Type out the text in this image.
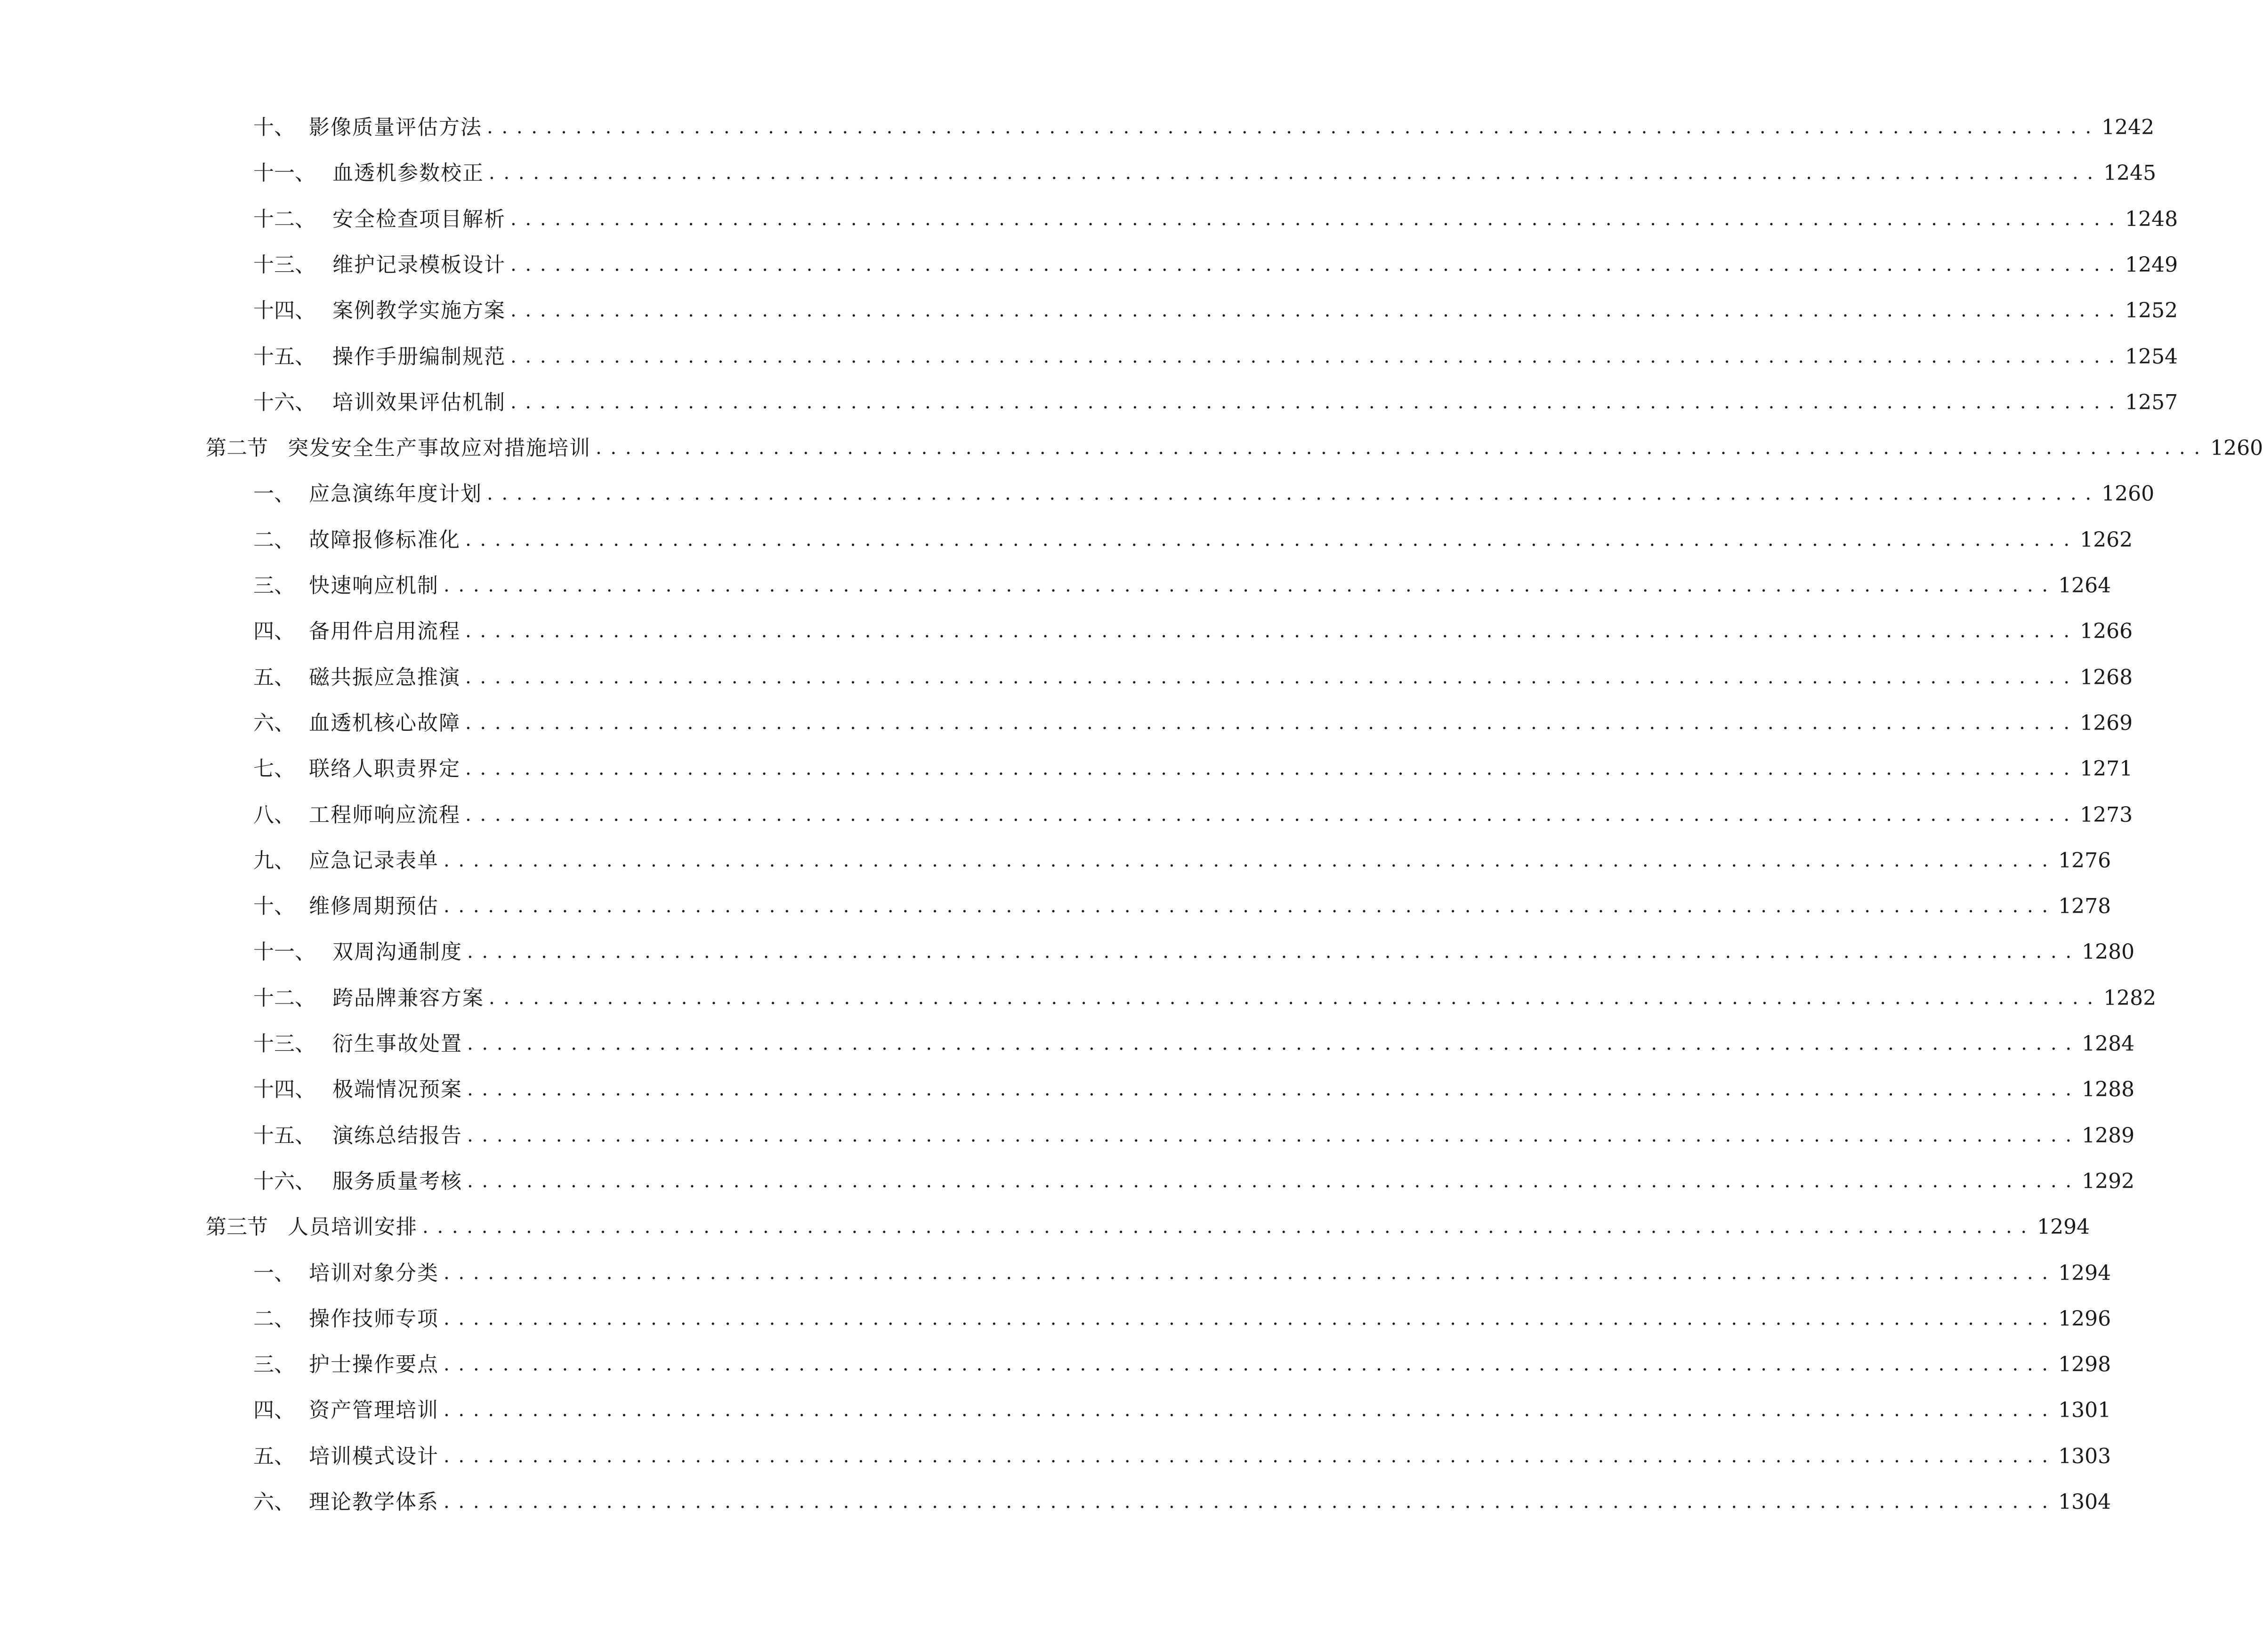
十、 影像质量评估方法 . . .	1242
十一、 血透机参数校正 . . .	1245
十二、 安全检查项目解析 . . .	1248
十三、 维护记录模板设计 . . .	1249
十四、 案例教学实施方案 . . .	1252
十五、 操作手册编制规范 . . .	1254
十六、 培训效果评估机制 . . .	1257
第二节 突发安全生产事故应对措施培训 . . .	1260
一、 应急演练年度计划 . . .	1260
二、 故障报修标准化 . . .	1262
三、 快速响应机制 . . .	1264
四、 备用件启用流程 . . .	1266
五、 磁共振应急推演 . . .	1268
六、 血透机核心故障 . . .	1269
七、 联络人职责界定 . . .	1271
八、 工程师响应流程 . . .	1273
九、 应急记录表单 . . .	1276
十、 维修周期预估 . . .	1278
十一、 双周沟通制度 . . .	1280
十二、 跨品牌兼容方案 . . .	1282
十三、 衍生事故处置 . . .	1284
十四、 极端情况预案 . . .	1288
十五、 演练总结报告 . . .	1289
十六、 服务质量考核 . . .	1292
第三节 人员培训安排 . . .	1294
一、 培训对象分类 . . .	1294
二、 操作技师专项 . . .	1296
三、 护士操作要点 . . .	1298
四、 资产管理培训 . . .	1301
五、 培训模式设计 . . .	1303
六、 理论教学体系 . . .	1304
